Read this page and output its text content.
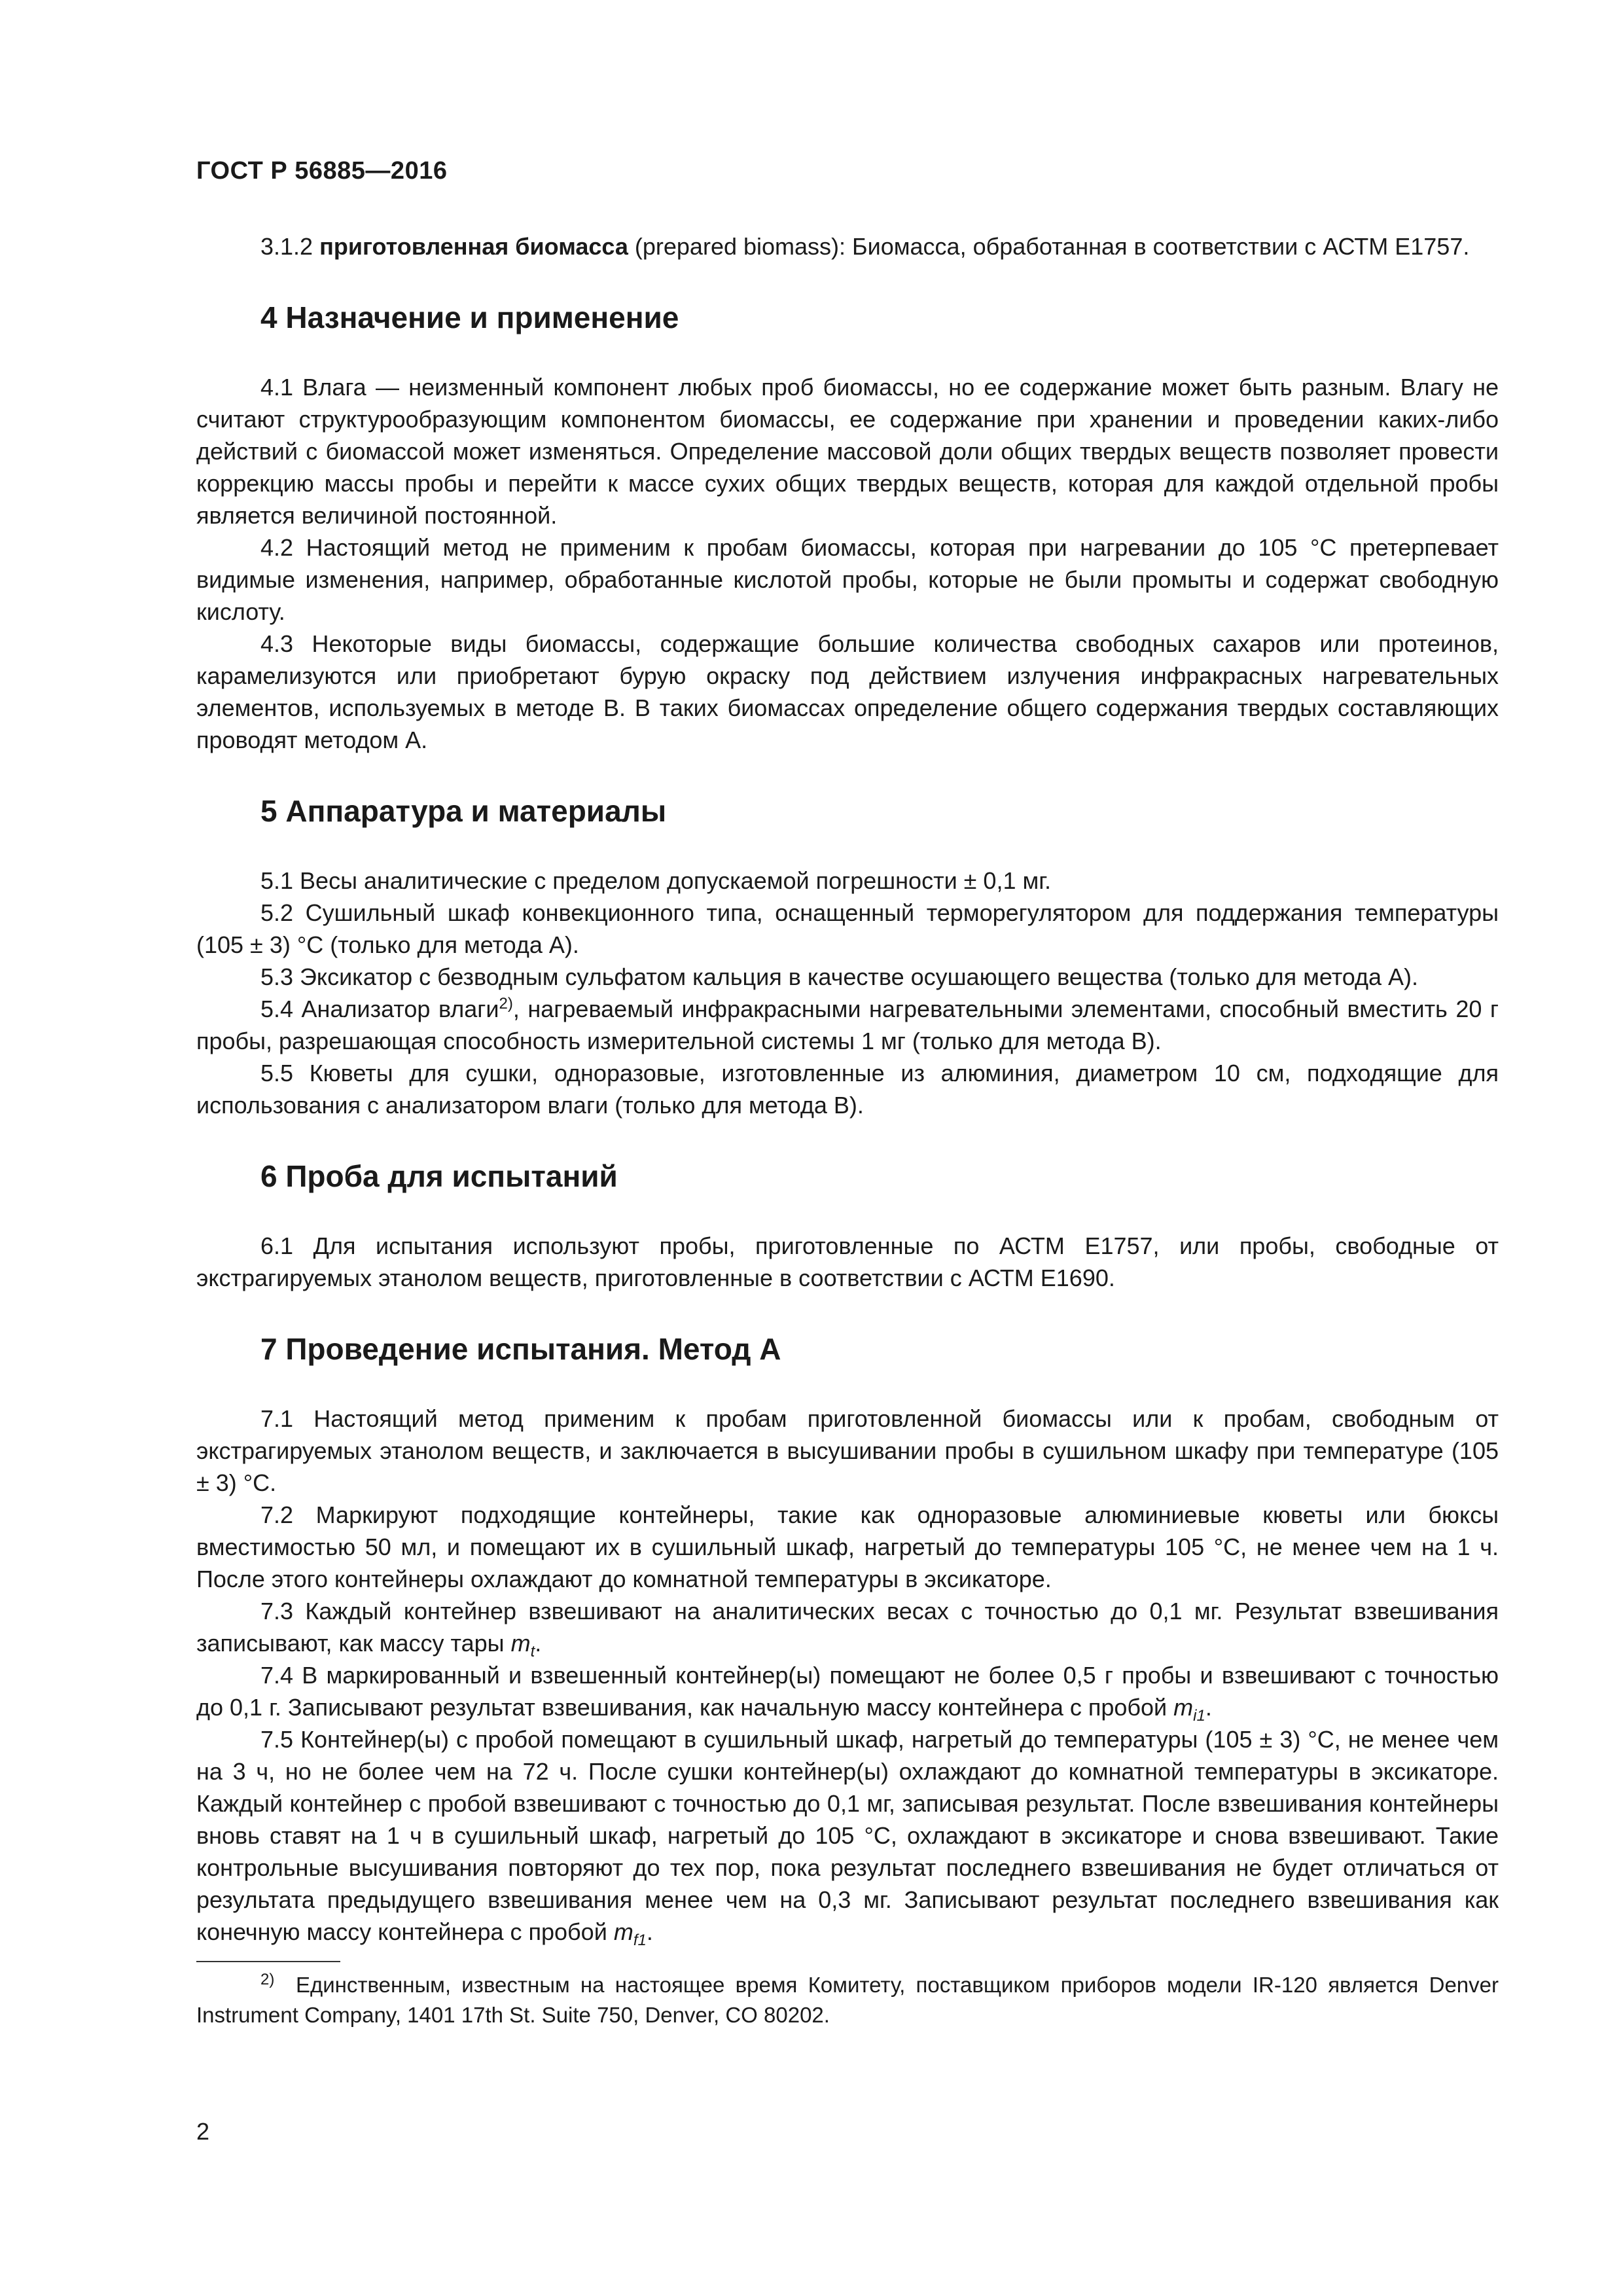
ГОСТ Р 56885—2016

3.1.2 приготовленная биомасса (prepared biomass): Биомасса, обработанная в соответствии с АСТМ Е1757.

4 Назначение и применение

4.1 Влага — неизменный компонент любых проб биомассы, но ее содержание может быть разным. Влагу не считают структурообразующим компонентом биомассы, ее содержание при хранении и проведении каких-либо действий с биомассой может изменяться. Определение массовой доли общих твердых веществ позволяет провести коррекцию массы пробы и перейти к массе сухих общих твердых веществ, которая для каждой отдельной пробы является величиной постоянной.

4.2 Настоящий метод не применим к пробам биомассы, которая при нагревании до 105 °С претерпевает видимые изменения, например, обработанные кислотой пробы, которые не были промыты и содержат свободную кислоту.

4.3 Некоторые виды биомассы, содержащие большие количества свободных сахаров или протеинов, карамелизуются или приобретают бурую окраску под действием излучения инфракрасных нагревательных элементов, используемых в методе В. В таких биомассах определение общего содержания твердых составляющих проводят методом А.

5 Аппаратура и материалы

5.1 Весы аналитические с пределом допускаемой погрешности ± 0,1 мг.

5.2 Сушильный шкаф конвекционного типа, оснащенный терморегулятором для поддержания температуры (105 ± 3) °С (только для метода А).

5.3 Эксикатор с безводным сульфатом кальция в качестве осушающего вещества (только для метода А).

5.4 Анализатор влаги$^{2)}$, нагреваемый инфракрасными нагревательными элементами, способный вместить 20 г пробы, разрешающая способность измерительной системы 1 мг (только для метода В).

5.5 Кюветы для сушки, одноразовые, изготовленные из алюминия, диаметром 10 см, подходящие для использования с анализатором влаги (только для метода В).

6 Проба для испытаний

6.1 Для испытания используют пробы, приготовленные по АСТМ Е1757, или пробы, свободные от экстрагируемых этанолом веществ, приготовленные в соответствии с АСТМ Е1690.

7 Проведение испытания. Метод А

7.1 Настоящий метод применим к пробам приготовленной биомассы или к пробам, свободным от экстрагируемых этанолом веществ, и заключается в высушивании пробы в сушильном шкафу при температуре (105 ± 3) °С.

7.2 Маркируют подходящие контейнеры, такие как одноразовые алюминиевые кюветы или бюксы вместимостью 50 мл, и помещают их в сушильный шкаф, нагретый до температуры 105 °С, не менее чем на 1 ч. После этого контейнеры охлаждают до комнатной температуры в эксикаторе.

7.3 Каждый контейнер взвешивают на аналитических весах с точностью до 0,1 мг. Результат взвешивания записывают, как массу тары $m_t$.

7.4 В маркированный и взвешенный контейнер(ы) помещают не более 0,5 г пробы и взвешивают с точностью до 0,1 г. Записывают результат взвешивания, как начальную массу контейнера с пробой $m_{i1}$.

7.5 Контейнер(ы) с пробой помещают в сушильный шкаф, нагретый до температуры (105 ± 3) °С, не менее чем на 3 ч, но не более чем на 72 ч. После сушки контейнер(ы) охлаждают до комнатной температуры в эксикаторе. Каждый контейнер с пробой взвешивают с точностью до 0,1 мг, записывая результат. После взвешивания контейнеры вновь ставят на 1 ч в сушильный шкаф, нагретый до 105 °С, охлаждают в эксикаторе и снова взвешивают. Такие контрольные высушивания повторяют до тех пор, пока результат последнего взвешивания не будет отличаться от результата предыдущего взвешивания менее чем на 0,3 мг. Записывают результат последнего взвешивания как конечную массу контейнера с пробой $m_{f1}$.

$^{2)}$ Единственным, известным на настоящее время Комитету, поставщиком приборов модели IR-120 является Denver Instrument Company, 1401 17th St. Suite 750, Denver, CO 80202.
2
